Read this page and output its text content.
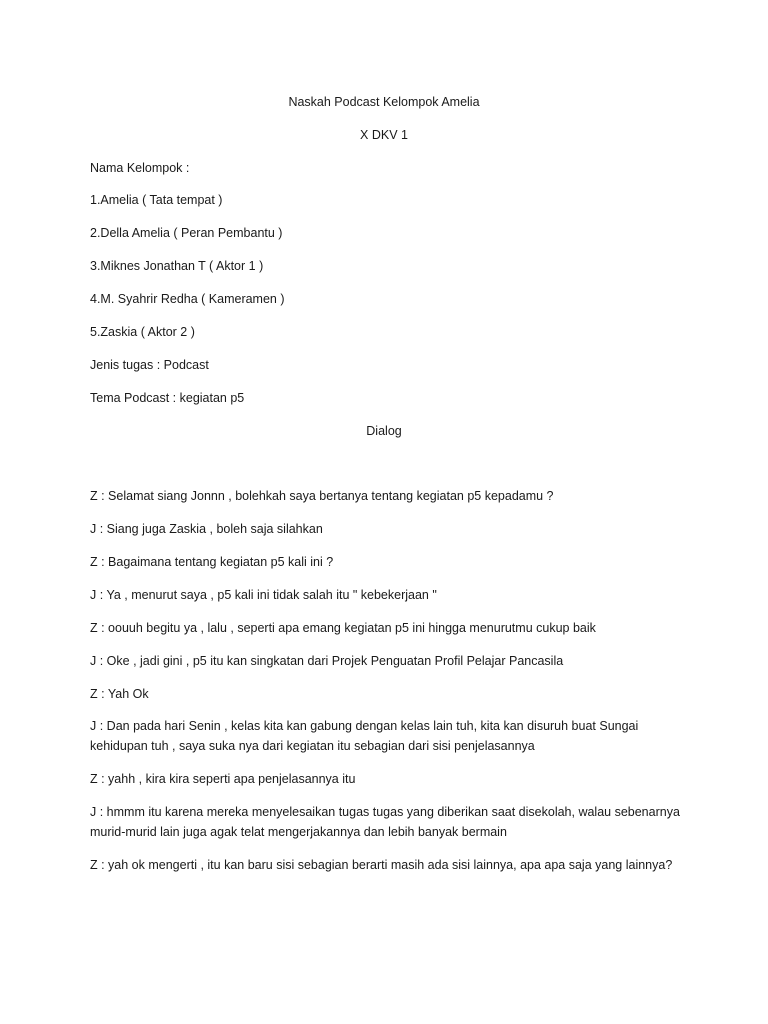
Naskah Podcast Kelompok Amelia
X DKV 1
Nama Kelompok :
1.Amelia ( Tata tempat )
2.Della Amelia ( Peran Pembantu )
3.Miknes Jonathan T ( Aktor 1 )
4.M. Syahrir Redha ( Kameramen )
5.Zaskia ( Aktor 2 )
Jenis tugas : Podcast
Tema Podcast : kegiatan p5
Dialog
Z : Selamat siang Jonnn , bolehkah saya bertanya tentang kegiatan p5 kepadamu ?
J : Siang juga Zaskia , boleh saja silahkan
Z : Bagaimana tentang kegiatan p5 kali ini ?
J : Ya , menurut saya , p5 kali ini tidak salah itu " kebekerjaan "
Z : oouuh begitu ya , lalu , seperti apa emang kegiatan p5 ini hingga menurutmu cukup baik
J : Oke , jadi gini , p5 itu kan singkatan dari Projek Penguatan Profil Pelajar Pancasila
Z : Yah Ok
J : Dan pada hari Senin , kelas kita kan gabung dengan kelas lain tuh, kita kan disuruh buat Sungai kehidupan tuh , saya suka nya dari kegiatan itu sebagian dari sisi penjelasannya
Z : yahh , kira kira seperti apa penjelasannya itu
J : hmmm itu karena mereka menyelesaikan tugas tugas yang diberikan saat disekolah, walau sebenarnya murid-murid lain juga agak telat mengerjakannya dan lebih banyak bermain
Z : yah ok mengerti , itu kan baru sisi sebagian berarti masih ada sisi lainnya, apa apa saja yang lainnya?
